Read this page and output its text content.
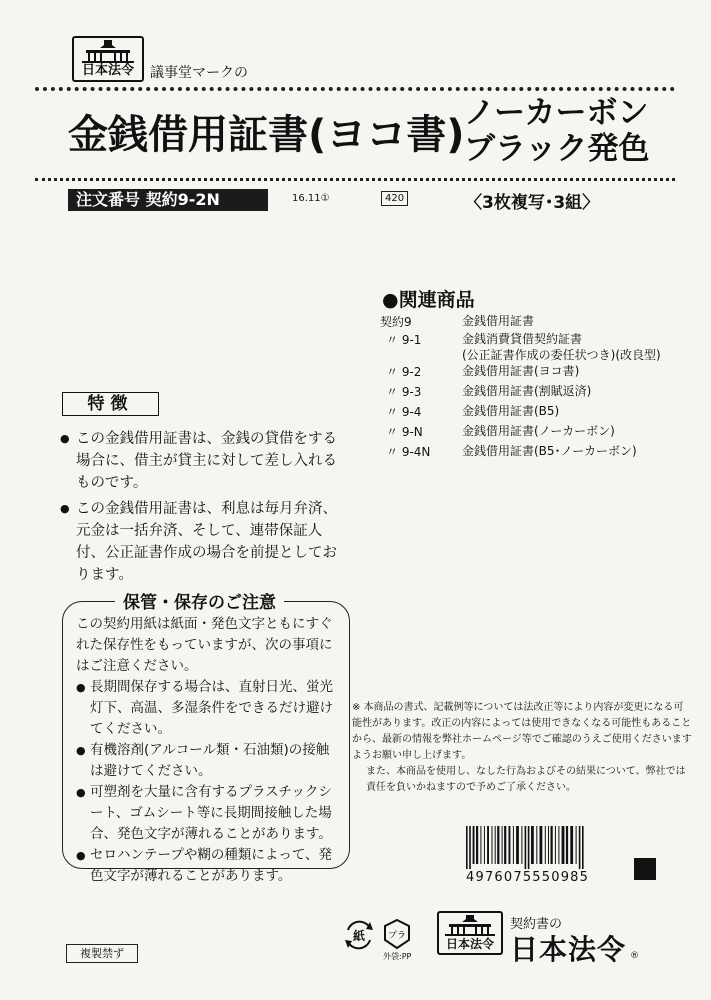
日本法令	議事堂マークの
金銭借用証書(ヨコ書) ノーカーボン
ブラック発色
注文番号 契約9-2N	16.11①	420	〈3枚複写･3組〉
●関連商品
契約9	金銭借用証書
〃 9-1	金銭消費貸借契約証書
(公正証書作成の委任状つき)(改良型)
〃 9-2	金銭借用証書(ヨコ書)
〃 9-3	金銭借用証書(割賦返済)
〃 9-4	金銭借用証書(B5)
〃 9-N	金銭借用証書(ノーカーボン)
〃 9-4N	金銭借用証書(B5･ノーカーボン)
特徴
● この金銭借用証書は、金銭の貸借をする場合に、借主が貸主に対して差し入れるものです。
● この金銭借用証書は、利息は毎月弁済、元金は一括弁済、そして、連帯保証人付、公正証書作成の場合を前提としております。
保管・保存のご注意
この契約用紙は紙面・発色文字ともにすぐれた保存性をもっていますが、次の事項にはご注意ください。
● 長期間保存する場合は、直射日光、蛍光灯下、高温、多湿条件をできるだけ避けてください。
● 有機溶剤(アルコール類・石油類)の接触は避けてください。
● 可塑剤を大量に含有するプラスチックシート、ゴムシート等に長期間接触した場合、発色文字が薄れることがあります。
● セロハンテープや糊の種類によって、発色文字が薄れることがあります。
※ 本商品の書式、記載例等については法改正等により内容が変更になる可能性があります。改正の内容によっては使用できなくなる可能性もあることから、最新の情報を弊社ホームページ等でご確認のうえご使用くださいますようお願い申し上げます。
また、本商品を使用し、なした行為およびその結果について、弊社では責任を負いかねますので予めご了承ください。
4976075550985
紙	プラ
外袋:PP
日本法令
契約書の
日本法令 ®
複製禁ず
